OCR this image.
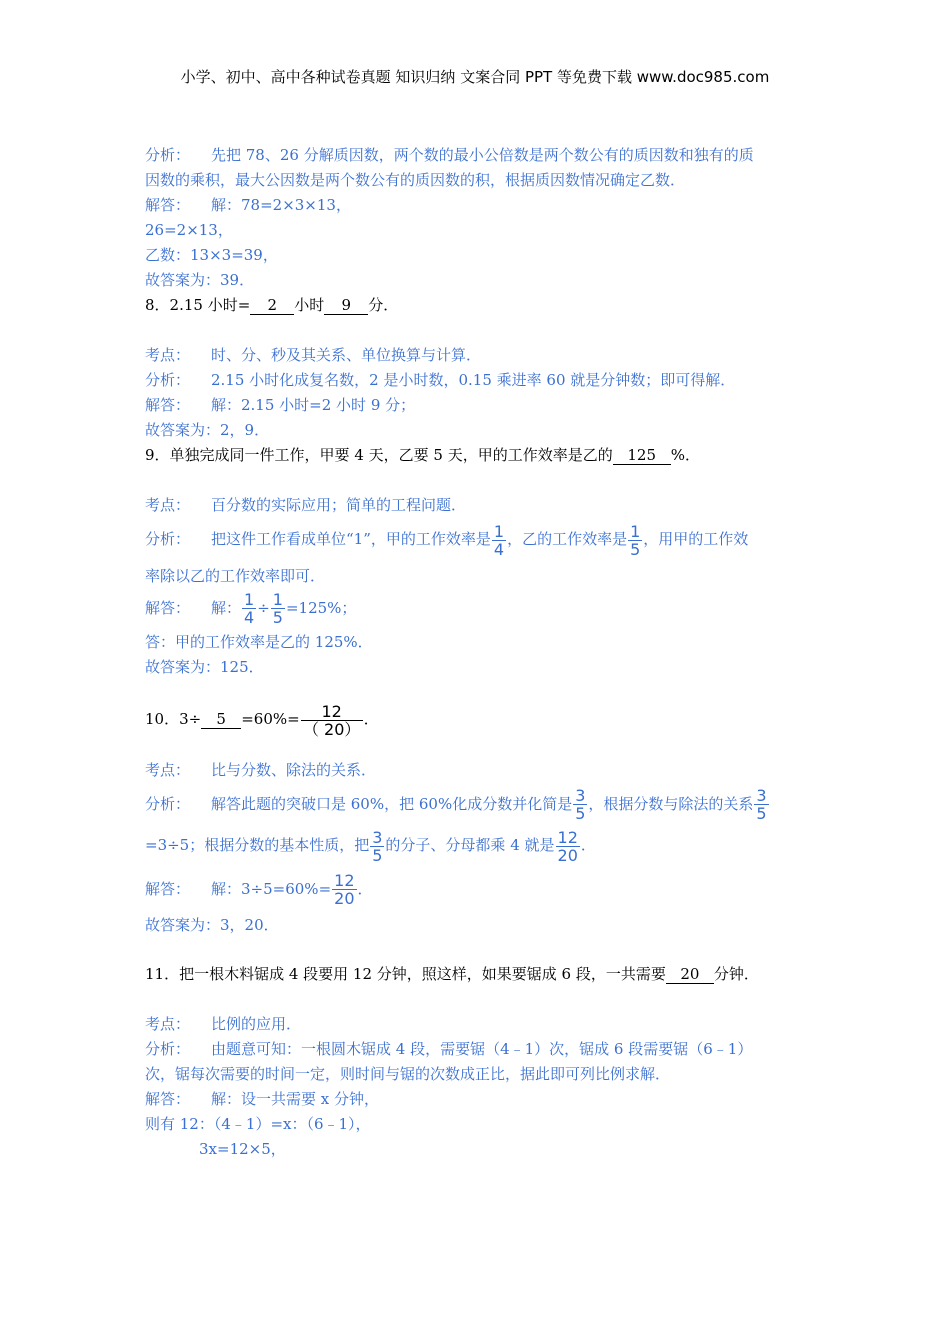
小学、初中、高中各种试卷真题 知识归纳 文案合同 PPT 等免费下载 www.doc985.com
分析： 先把 78、26 分解质因数，两个数的最小公倍数是两个数公有的质因数和独有的质
因数的乘积，最大公因数是两个数公有的质因数的积，根据质因数情况确定乙数．
解答： 解：78=2×3×13，
26=2×13，
乙数：13×3=39，
故答案为：39．
8．2.15 小时= 2 小时 9 分．
考点： 时、分、秒及其关系、单位换算与计算．
分析： 2.15 小时化成复名数，2 是小时数，0.15 乘进率 60 就是分钟数；即可得解．
解答： 解：2.15 小时=2 小时 9 分；
故答案为：2，9．
9．单独完成同一件工作，甲要 4 天，乙要 5 天，甲的工作效率是乙的 125 %．
考点： 百分数的实际应用；简单的工程问题．
分析： 把这件工作看成单位“1”，甲的工作效率是 $\frac{1}{4}$ ，乙的工作效率是 $\frac{1}{5}$ ，用甲的工作效
率除以乙的工作效率即可．
解答： 解： $\frac{1}{4} \div \frac{1}{5} =125\%$；
答：甲的工作效率是乙的 125%．
故答案为：125．
10．$3\div 5 =60\%= \frac{12}{( 20)}$ ．
考点： 比与分数、除法的关系．
分析： 解答此题的突破口是 60%，把 60%化成分数并化简是 $\frac{3}{5}$ ，根据分数与除法的关系 $\frac{3}{5}$
=3÷5；根据分数的基本性质，把 $\frac{3}{5}$ 的分子、分母都乘 4 就是 $\frac{12}{20}$ ．
解答： 解：$3\div 5=60\%= \frac{12}{20}$ ．
故答案为：3，20．
11．把一根木料锯成 4 段要用 12 分钟，照这样，如果要锯成 6 段，一共需要 20 分钟．
考点： 比例的应用．
分析： 由题意可知：一根圆木锯成 4 段，需要锯（4﹣1）次，锯成 6 段需要锯（6﹣1）
次，锯每次需要的时间一定，则时间与锯的次数成正比，据此即可列比例求解．
解答： 解：设一共需要 x 分钟，
则有 12：（4﹣1）=x：（6﹣1），
3x=12×5，
